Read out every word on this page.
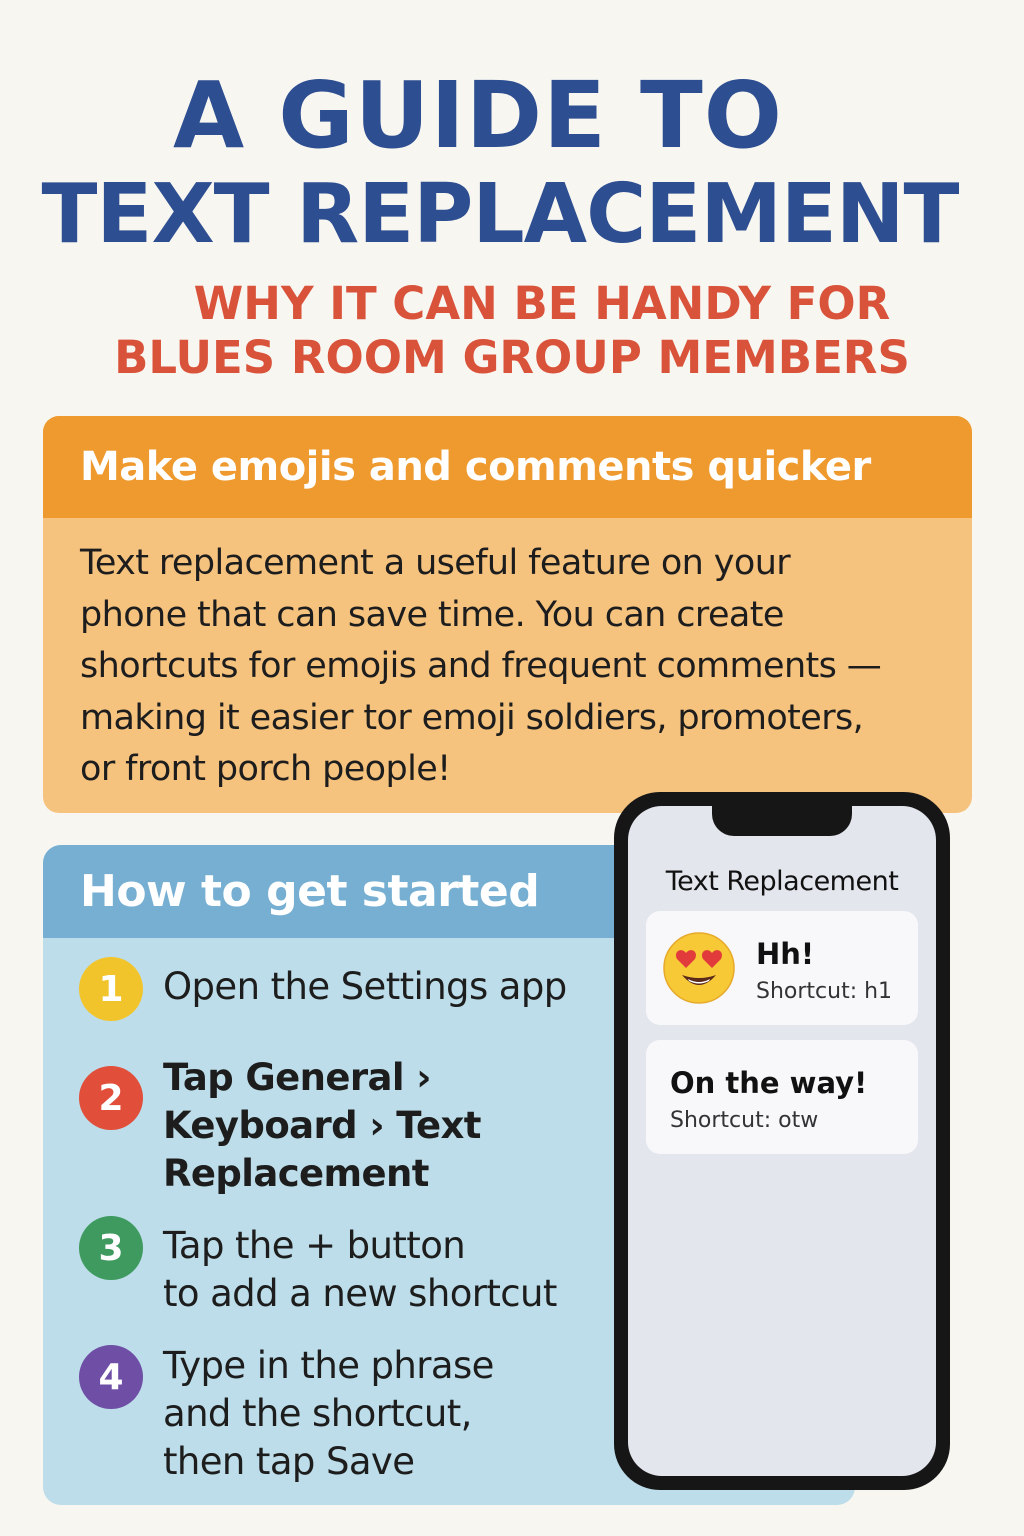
A GUIDE TO
TEXT REPLACEMENT
WHY IT CAN BE HANDY FOR
BLUES ROOM GROUP MEMBERS
Make emojis and comments quicker
Text replacement a useful feature on your
phone that can save time. You can create
shortcuts for emojis and frequent comments —
making it easier tor emoji soldiers, promoters,
or front porch people!
How to get started
1	Open the Settings app
2	Tap General ›
Keyboard › Text
Replacement
3	Tap the + button
to add a new shortcut
4	Type in the phrase
and the shortcut,
then tap Save
Text Replacement
Hh!
Shortcut: h1
On the way!
Shortcut: otw
